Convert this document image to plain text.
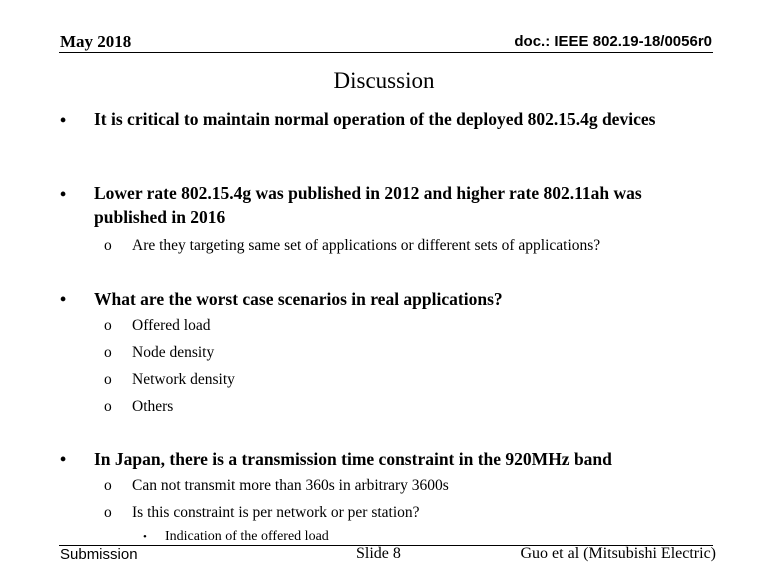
May 2018	doc.: IEEE 802.19-18/0056r0
Discussion
• It is critical to maintain normal operation of the deployed 802.15.4g devices
• Lower rate 802.15.4g was published in 2012 and higher rate 802.11ah was published in 2016
o Are they targeting same set of applications or different sets of applications?
• What are the worst case scenarios in real applications?
o Offered load
o Node density
o Network density
o Others
• In Japan, there is a transmission time constraint in the 920MHz band
o Can not transmit more than 360s in arbitrary 3600s
o Is this constraint is per network or per station?
• Indication of the offered load
Submission	Slide 8	Guo et al (Mitsubishi Electric)
